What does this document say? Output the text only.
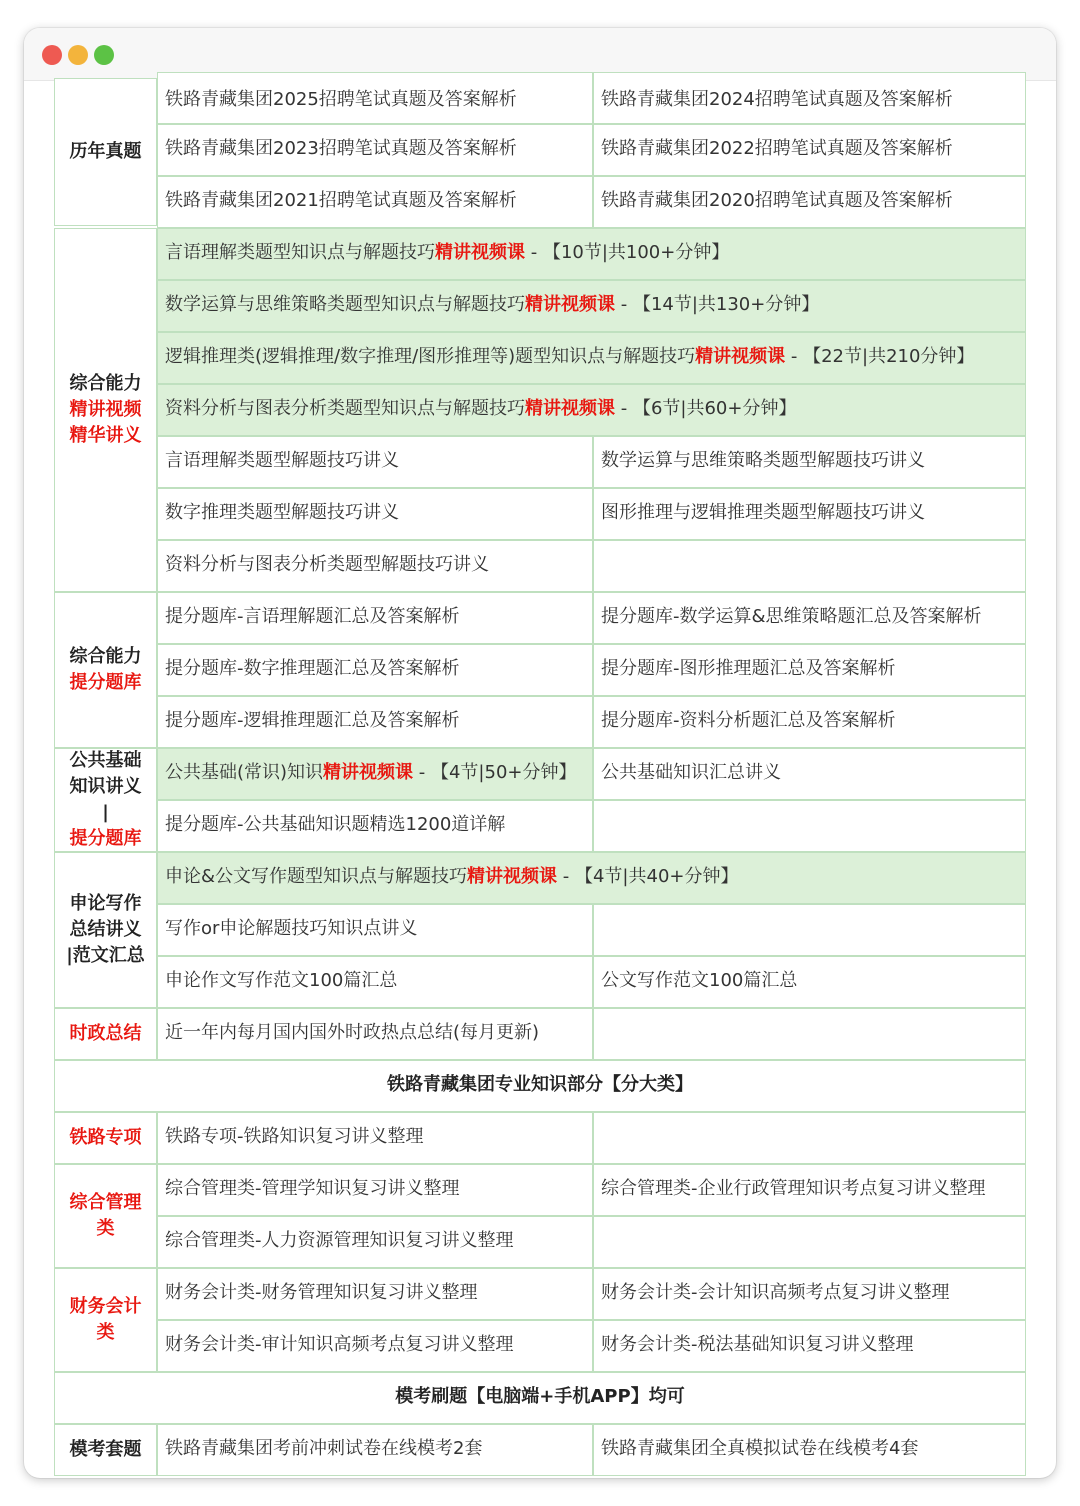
历年真题
铁路青藏集团2025招聘笔试真题及答案解析	铁路青藏集团2024招聘笔试真题及答案解析
铁路青藏集团2023招聘笔试真题及答案解析	铁路青藏集团2022招聘笔试真题及答案解析
铁路青藏集团2021招聘笔试真题及答案解析	铁路青藏集团2020招聘笔试真题及答案解析
综合能力
精讲视频
精华讲义
言语理解类题型知识点与解题技巧精讲视频课 - 【10节|共100+分钟】
数学运算与思维策略类题型知识点与解题技巧精讲视频课 - 【14节|共130+分钟】
逻辑推理类(逻辑推理/数字推理/图形推理等)题型知识点与解题技巧精讲视频课 - 【22节|共210分钟】
资料分析与图表分析类题型知识点与解题技巧精讲视频课 - 【6节|共60+分钟】
言语理解类题型解题技巧讲义	数学运算与思维策略类题型解题技巧讲义
数字推理类题型解题技巧讲义	图形推理与逻辑推理类题型解题技巧讲义
资料分析与图表分析类题型解题技巧讲义
综合能力
提分题库
提分题库-言语理解题汇总及答案解析	提分题库-数学运算&思维策略题汇总及答案解析
提分题库-数字推理题汇总及答案解析	提分题库-图形推理题汇总及答案解析
提分题库-逻辑推理题汇总及答案解析	提分题库-资料分析题汇总及答案解析
公共基础
知识讲义
|
提分题库
公共基础(常识)知识精讲视频课 - 【4节|50+分钟】	公共基础知识汇总讲义
提分题库-公共基础知识题精选1200道详解
申论写作
总结讲义
|范文汇总
申论&公文写作题型知识点与解题技巧精讲视频课 - 【4节|共40+分钟】
写作or申论解题技巧知识点讲义
申论作文写作范文100篇汇总	公文写作范文100篇汇总
时政总结	近一年内每月国内国外时政热点总结(每月更新)
铁路青藏集团专业知识部分【分大类】
铁路专项	铁路专项-铁路知识复习讲义整理
综合管理
类
综合管理类-管理学知识复习讲义整理	综合管理类-企业行政管理知识考点复习讲义整理
综合管理类-人力资源管理知识复习讲义整理
财务会计
类
财务会计类-财务管理知识复习讲义整理	财务会计类-会计知识高频考点复习讲义整理
财务会计类-审计知识高频考点复习讲义整理	财务会计类-税法基础知识复习讲义整理
模考刷题【电脑端+手机APP】均可
模考套题	铁路青藏集团考前冲刺试卷在线模考2套	铁路青藏集团全真模拟试卷在线模考4套
